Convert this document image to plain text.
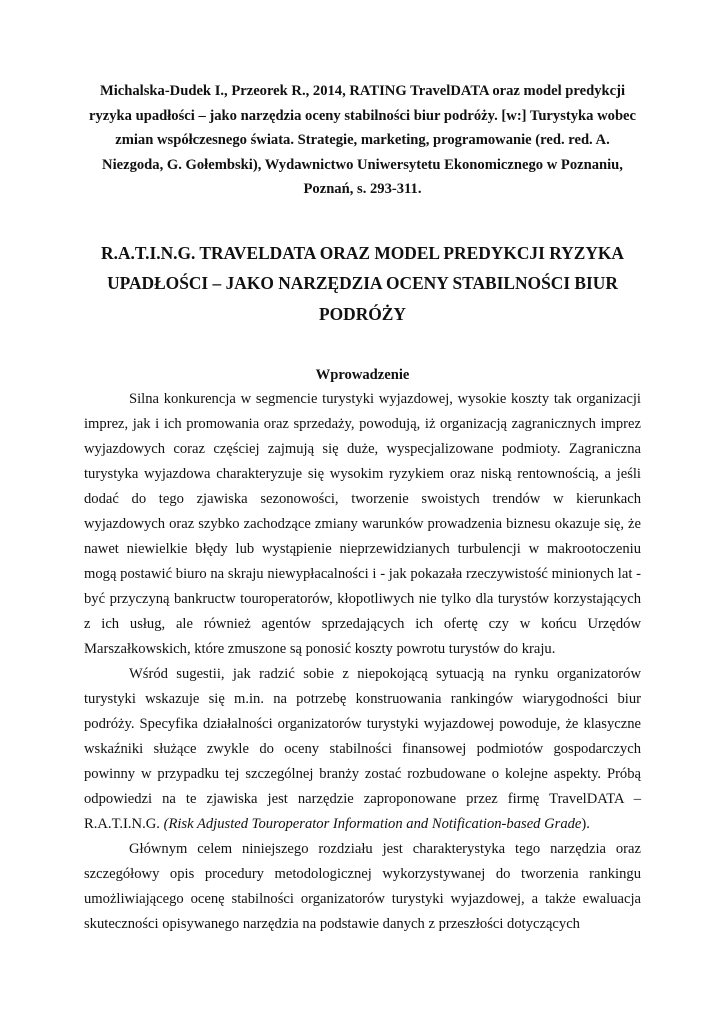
Michalska-Dudek I., Przeorek R., 2014, RATING TravelDATA oraz model predykcji ryzyka upadłości – jako narzędzia oceny stabilności biur podróży. [w:] Turystyka wobec zmian współczesnego świata. Strategie, marketing, programowanie (red. red. A. Niezgoda, G. Gołembski), Wydawnictwo Uniwersytetu Ekonomicznego w Poznaniu, Poznań, s. 293-311.

R.A.T.I.N.G. TRAVELDATA ORAZ MODEL PREDYKCJI RYZYKA UPADŁOŚCI – JAKO NARZĘDZIA OCENY STABILNOŚCI BIUR PODRÓŻY
Wprowadzenie

Silna konkurencja w segmencie turystyki wyjazdowej, wysokie koszty tak organizacji imprez, jak i ich promowania oraz sprzedaży, powodują, iż organizacją zagranicznych imprez wyjazdowych coraz częściej zajmują się duże, wyspecjalizowane podmioty. Zagraniczna turystyka wyjazdowa charakteryzuje się wysokim ryzykiem oraz niską rentownością, a jeśli dodać do tego zjawiska sezonowości, tworzenie swoistych trendów w kierunkach wyjazdowych oraz szybko zachodzące zmiany warunków prowadzenia biznesu okazuje się, że nawet niewielkie błędy lub wystąpienie nieprzewidzianych turbulencji w makrootoczeniu mogą postawić biuro na skraju niewypłacalności i - jak pokazała rzeczywistość minionych lat - być przyczyną bankructw touroperatorów, kłopotliwych nie tylko dla turystów korzystających z ich usług, ale również agentów sprzedających ich ofertę czy w końcu Urzędów Marszałkowskich, które zmuszone są ponosić koszty powrotu turystów do kraju.

Wśród sugestii, jak radzić sobie z niepokojącą sytuacją na rynku organizatorów turystyki wskazuje się m.in. na potrzebę konstruowania rankingów wiarygodności biur podróży. Specyfika działalności organizatorów turystyki wyjazdowej powoduje, że klasyczne wskaźniki służące zwykle do oceny stabilności finansowej podmiotów gospodarczych powinny w przypadku tej szczególnej branży zostać rozbudowane o kolejne aspekty. Próbą odpowiedzi na te zjawiska jest narzędzie zaproponowane przez firmę TravelDATA – R.A.T.I.N.G. (Risk Adjusted Touroperator Information and Notification-based Grade).

Głównym celem niniejszego rozdziału jest charakterystyka tego narzędzia oraz szczegółowy opis procedury metodologicznej wykorzystywanej do tworzenia rankingu umożliwiającego ocenę stabilności organizatorów turystyki wyjazdowej, a także ewaluacja skuteczności opisywanego narzędzia na podstawie danych z przeszłości dotyczących
